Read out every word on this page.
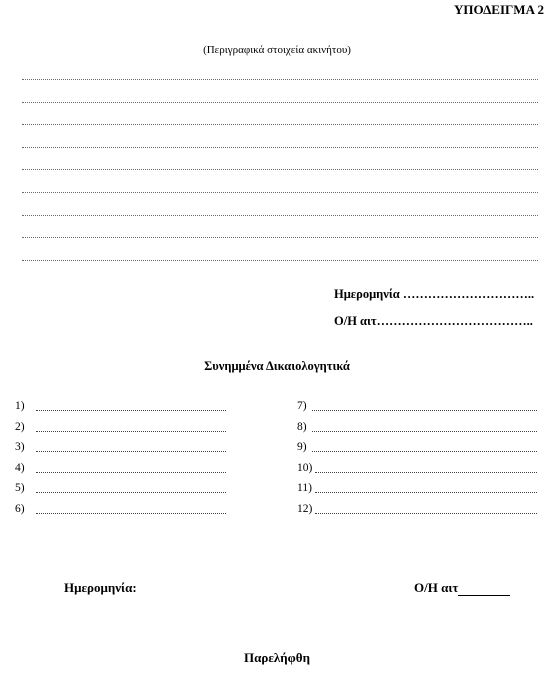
ΥΠΟΔΕΙΓΜΑ 2
(Περιγραφικά στοιχεία ακινήτου)
Ημερομηνία …………………………..
Ο/Η αιτ………………………………..
Συνημμένα Δικαιολογητικά
1)
2)
3)
4)
5)
6)
7)
8)
9)
10)
11)
12)
Ημερομηνία:	Ο/Η αιτ
Παρελήφθη
